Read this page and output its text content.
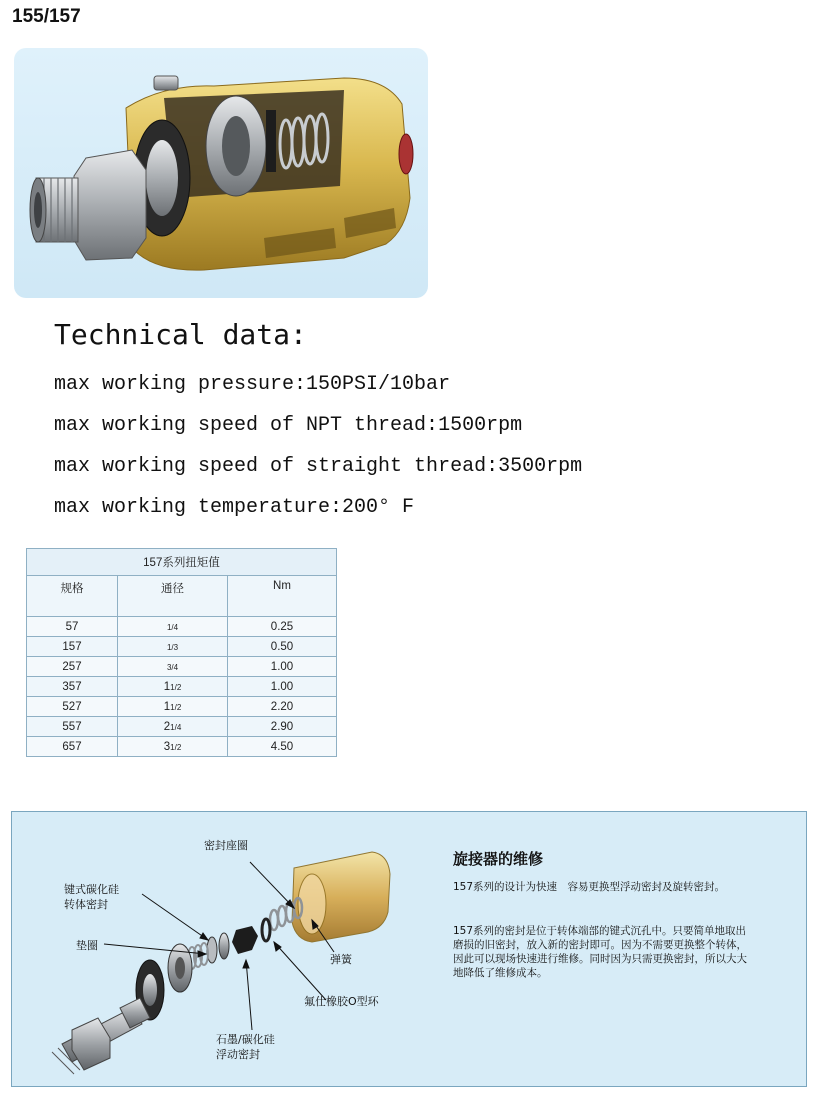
155/157
Technical data:
max working pressure:150PSI/10bar
max working speed of NPT thread:1500rpm
max working speed of straight thread:3500rpm
max working temperature:200° F
157系列扭矩值		
规格	通径	Nm
57	1/4	0.25
157	1/3	0.50
257	3/4	1.00
357	11/2	1.00
527	11/2	2.20
557	21/4	2.90
657	31/2	4.50
密封座圈
键式碳化硅
转体密封
垫圈
弹簧
氟仕橡胶O型环
石墨/碳化硅
浮动密封
旋接器的维修
157系列的设计为快速　容易更换型浮动密封及旋转密封。
157系列的密封是位于转体端部的键式沉孔中。只要简单地取出磨损的旧密封，放入新的密封即可。因为不需要更换整个转体，因此可以现场快速进行维修。同时因为只需更换密封，所以大大地降低了维修成本。
